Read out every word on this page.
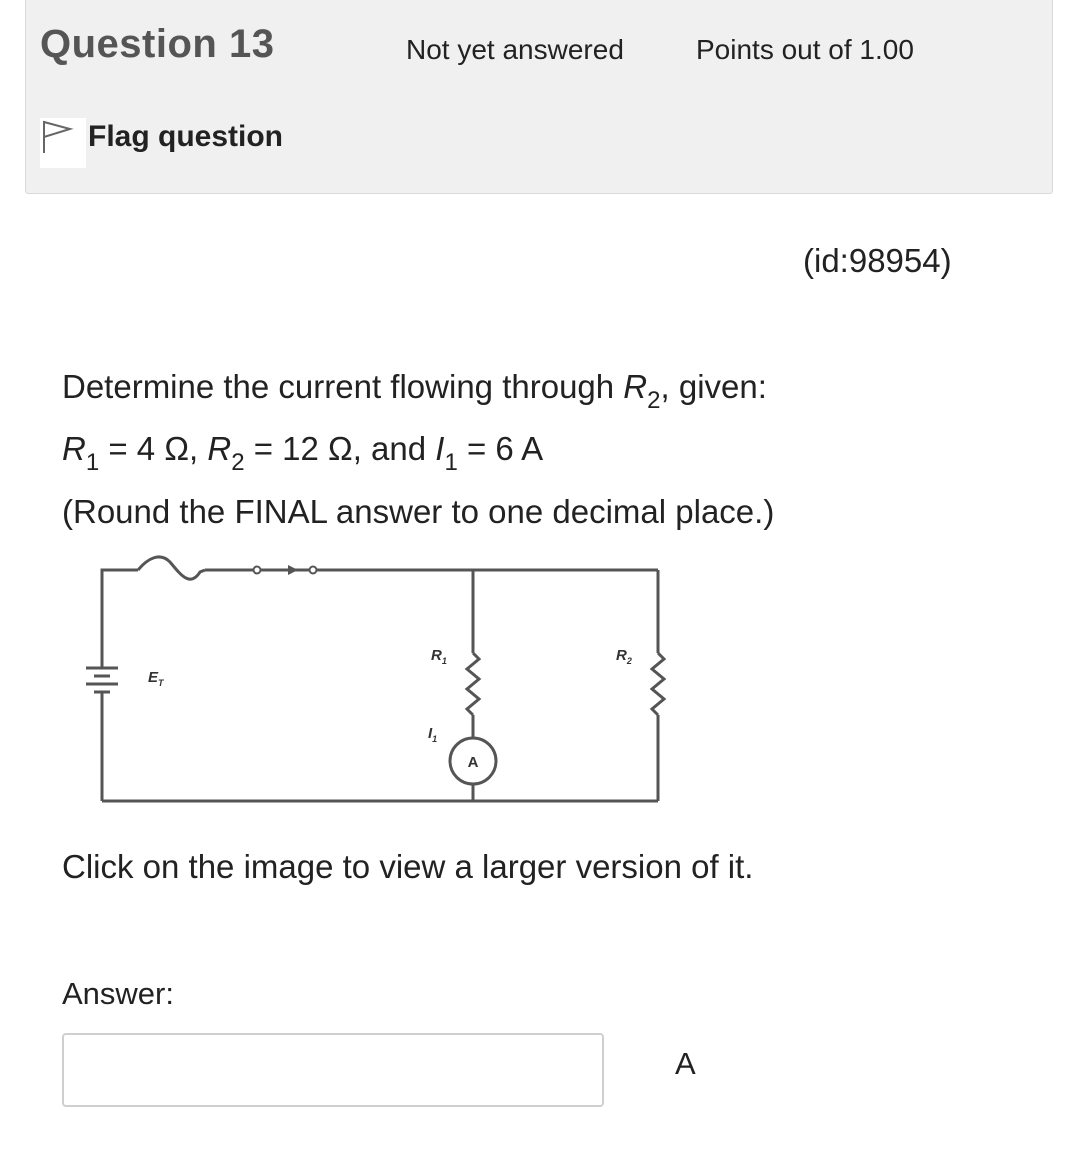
Question 13	Not yet answered	Points out of 1.00
Flag question
(id:98954)
Determine the current flowing through $R_2$, given:
$R_1 = 4$ Ω, $R_2 = 12$ Ω, and $I_1 = 6$ A
(Round the FINAL answer to one decimal place.)
A
$E_T$
$R_1$	$R_2$
$I_1$
Click on the image to view a larger version of it.
Answer:
A
